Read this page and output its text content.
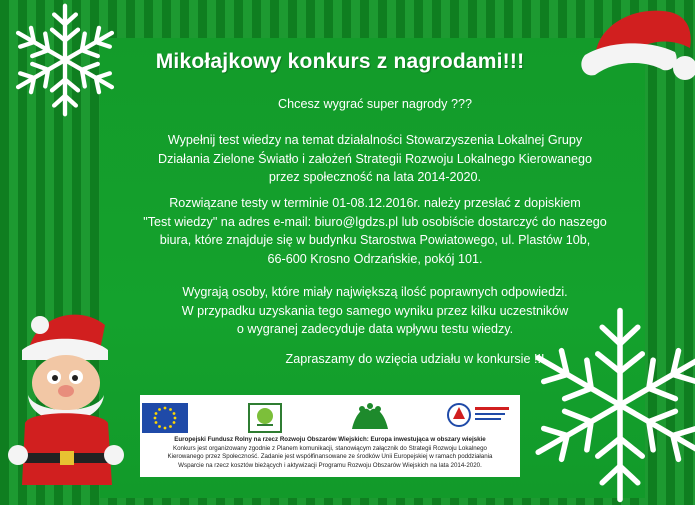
Mikołajkowy konkurs z nagrodami!!!
Chcesz wygrać super nagrody ???
Wypełnij test wiedzy na temat działalności Stowarzyszenia Lokalnej Grupy
Działania Zielone Światło i założeń Strategii Rozwoju Lokalnego Kierowanego
przez społeczność na lata 2014-2020.
Rozwiązane testy w terminie 01-08.12.2016r. należy przesłać z dopiskiem
"Test wiedzy" na adres e-mail: biuro@lgdzs.pl lub osobiście dostarczyć do naszego
biura, które znajduje się w budynku Starostwa Powiatowego, ul. Plastów 10b,
66-600 Krosno Odrzańskie, pokój 101.
Wygrają osoby, które miały największą ilość poprawnych odpowiedzi.
W przypadku uzyskania tego samego wyniku przez kilku uczestników
o wygranej zadecyduje data wpływu testu wiedzy.
Zapraszamy do wzięcia udziału w konkursie !!!
Europejski Fundusz Rolny na rzecz Rozwoju Obszarów Wiejskich: Europa inwestująca w obszary wiejskie
Konkurs jest organizowany zgodnie z Planem komunikacji, stanowiącym załącznik do Strategii Rozwoju Lokalnego
Kierowanego przez Społeczność. Zadanie jest współfinansowane ze środków Unii Europejskiej w ramach poddziałania
Wsparcie na rzecz kosztów bieżących i aktywizacji Programu Rozwoju Obszarów Wiejskich na lata 2014-2020.
